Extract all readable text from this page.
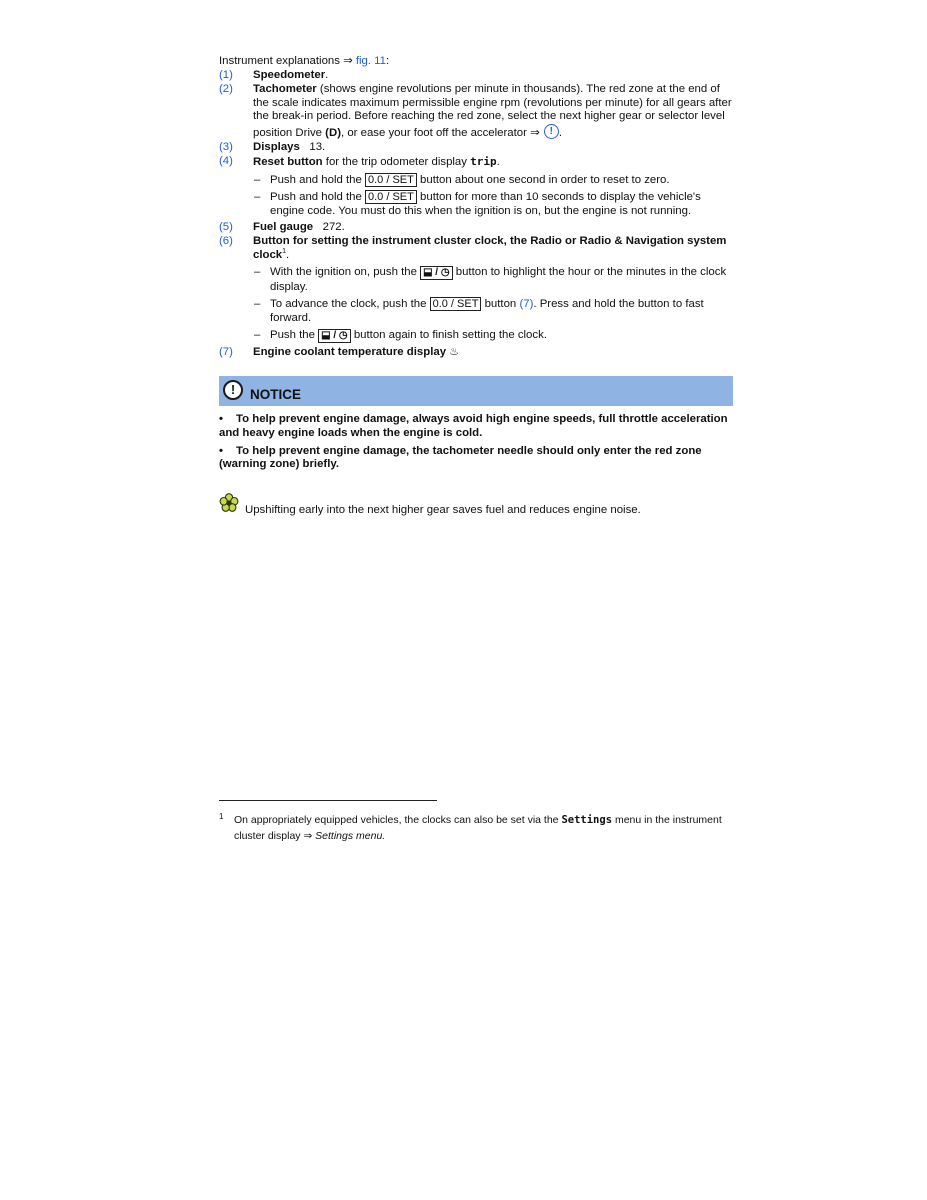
Instrument explanations ⇒ fig. 11:

(1) Speedometer.

(2) Tachometer (shows engine revolutions per minute in thousands). The red zone at the end of the scale indicates maximum permissible engine rpm (revolutions per minute) for all gears after the break-in period. Before reaching the red zone, select the next higher gear or selector level position Drive (D), or ease your foot off the accelerator ⇒ ! .

(3) Displays   13.

(4) Reset button for the trip odometer display trip.

– Push and hold the 0.0 / SET button about one second in order to reset to zero.
– Push and hold the 0.0 / SET button for more than 10 seconds to display the vehicle's engine code. You must do this when the ignition is on, but the engine is not running.
(5) Fuel gauge   272.

(6) Button for setting the instrument cluster clock, the Radio or Radio & Navigation system clock$^1$.

– With the ignition on, push the ⬓ / ◷ button to highlight the hour or the minutes in the clock display.
– To advance the clock, push the 0.0 / SET button (7). Press and hold the button to fast forward.
– Push the ⬓ / ◷ button again to finish setting the clock.
(7) Engine coolant temperature display ♨

!	NOTICE

• To help prevent engine damage, always avoid high engine speeds, full throttle acceleration and heavy engine loads when the engine is cold.

• To help prevent engine damage, the tachometer needle should only enter the red zone (warning zone) briefly.

Upshifting early into the next higher gear saves fuel and reduces engine noise.

1	On appropriately equipped vehicles, the clocks can also be set via the Settings menu in the instrument cluster display ⇒ Settings menu.
